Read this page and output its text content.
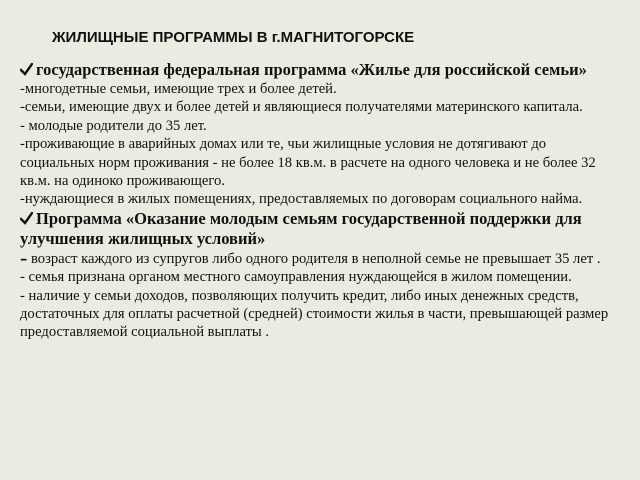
ЖИЛИЩНЫЕ ПРОГРАММЫ В г.МАГНИТОГОРСКЕ
государственная федеральная программа «Жилье для российской семьи»
-многодетные семьи, имеющие трех и более детей.
-семьи, имеющие двух и более детей и являющиеся получателями материнского капитала.
- молодые родители до 35 лет.
-проживающие в аварийных домах или те, чьи жилищные условия не дотягивают до социальных норм проживания - не более 18 кв.м. в расчете на одного человека и не более 32 кв.м. на одиноко проживающего.
-нуждающиеся в жилых помещениях, предоставляемых по договорам социального найма.
Программа «Оказание молодым семьям государственной поддержки для улучшения жилищных условий»
- возраст каждого из супругов либо одного родителя в неполной семье не превышает 35 лет .
- семья признана органом местного самоуправления нуждающейся в жилом помещении.
- наличие у семьи доходов, позволяющих получить кредит, либо иных денежных средств, достаточных для оплаты расчетной (средней) стоимости жилья в части, превышающей размер предоставляемой социальной выплаты .
